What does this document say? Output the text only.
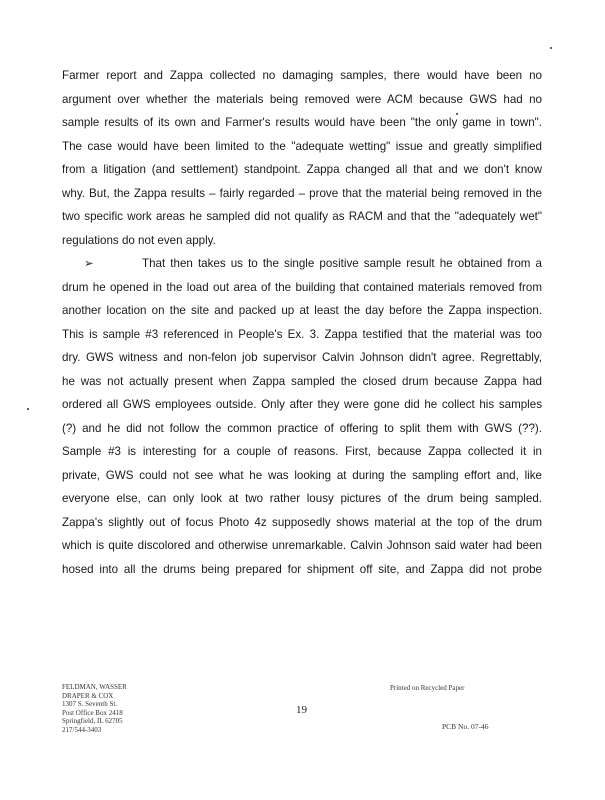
Farmer report and Zappa collected no damaging samples, there would have been no
argument over whether the materials being removed were ACM because GWS had no
sample results of its own and Farmer's results would have been "the only game in town".
The case would have been limited to the "adequate wetting" issue and greatly simplified
from a litigation (and settlement) standpoint. Zappa changed all that and we don't know
why. But, the Zappa results – fairly regarded – prove that the material being removed in the
two specific work areas he sampled did not qualify as RACM and that the "adequately wet"
regulations do not even apply.
➢	That then takes us to the single positive sample result he obtained from a
drum he opened in the load out area of the building that contained materials removed from
another location on the site and packed up at least the day before the Zappa inspection.
This is sample #3 referenced in People's Ex. 3. Zappa testified that the material was too
dry. GWS witness and non-felon job supervisor Calvin Johnson didn't agree. Regrettably,
he was not actually present when Zappa sampled the closed drum because Zappa had
ordered all GWS employees outside. Only after they were gone did he collect his samples
(?) and he did not follow the common practice of offering to split them with GWS (??).
Sample #3 is interesting for a couple of reasons. First, because Zappa collected it in
private, GWS could not see what he was looking at during the sampling effort and, like
everyone else, can only look at two rather lousy pictures of the drum being sampled.
Zappa's slightly out of focus Photo 4z supposedly shows material at the top of the drum
which is quite discolored and otherwise unremarkable. Calvin Johnson said water had been
hosed into all the drums being prepared for shipment off site, and Zappa did not probe
FELDMAN, WASSER
DRAPER & COX
1307 S. Seventh St.
Post Office Box 2418
Springfield, IL 62705
217/544-3403
19
Printed on Recycled Paper
PCB No. 07-46
